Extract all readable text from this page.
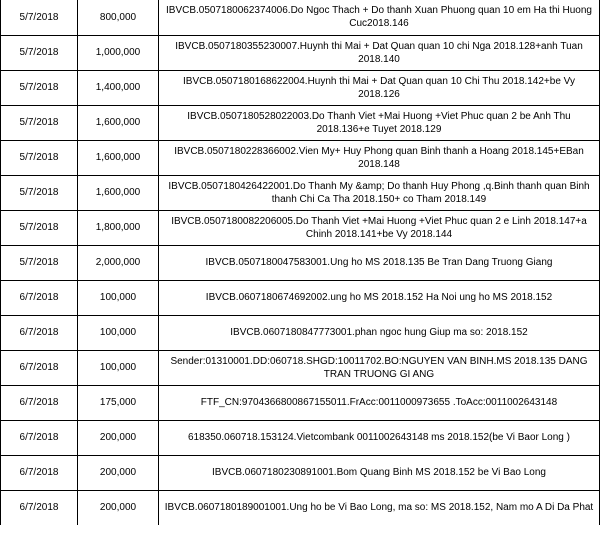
5/7/2018	800,000	IBVCB.0507180062374006.Do Ngoc Thach + Do thanh Xuan Phuong quan 10 em Ha thi Huong Cuc2018.146
5/7/2018	1,000,000	IBVCB.0507180355230007.Huynh thi Mai + Dat Quan quan 10 chi Nga 2018.128+anh Tuan 2018.140
5/7/2018	1,400,000	IBVCB.0507180168622004.Huynh thi Mai + Dat Quan quan 10 Chi Thu 2018.142+be Vy 2018.126
5/7/2018	1,600,000	IBVCB.0507180528022003.Do Thanh Viet +Mai Huong +Viet Phuc quan 2 be Anh Thu 2018.136+e Tuyet 2018.129
5/7/2018	1,600,000	IBVCB.0507180228366002.Vien My+ Huy Phong quan Binh thanh a Hoang 2018.145+EBan 2018.148
5/7/2018	1,600,000	IBVCB.0507180426422001.Do Thanh My &amp; Do thanh Huy Phong ,q.Binh thanh quan Binh thanh Chi Ca Tha 2018.150+ co Tham 2018.149
5/7/2018	1,800,000	IBVCB.0507180082206005.Do Thanh Viet +Mai Huong +Viet Phuc quan 2 e Linh 2018.147+a Chinh 2018.141+be Vy 2018.144
5/7/2018	2,000,000	IBVCB.0507180047583001.Ung ho MS 2018.135 Be Tran Dang Truong Giang
6/7/2018	100,000	IBVCB.0607180674692002.ung ho MS 2018.152 Ha Noi ung ho MS 2018.152
6/7/2018	100,000	IBVCB.0607180847773001.phan ngoc hung Giup ma so: 2018.152
6/7/2018	100,000	Sender:01310001.DD:060718.SHGD:10011702.BO:NGUYEN VAN BINH.MS 2018.135 DANG TRAN TRUONG GI ANG
6/7/2018	175,000	FTF_CN:9704366800867155011.FrAcc:0011000973655 .ToAcc:0011002643148
6/7/2018	200,000	618350.060718.153124.Vietcombank 0011002643148 ms 2018.152(be Vi Baor Long )
6/7/2018	200,000	IBVCB.0607180230891001.Bom Quang Binh MS 2018.152 be Vi Bao Long
6/7/2018	200,000	IBVCB.0607180189001001.Ung ho be Vi Bao Long, ma so: MS 2018.152, Nam mo A Di Da Phat
